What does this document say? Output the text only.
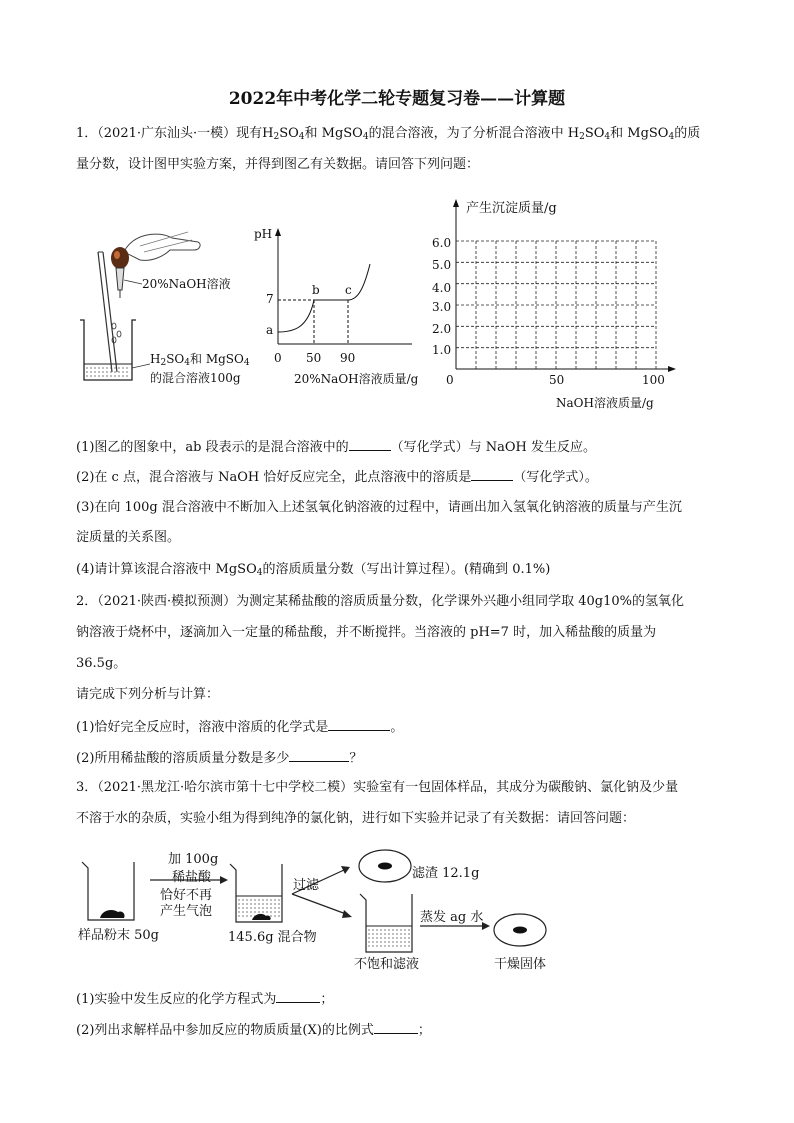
2022年中考化学二轮专题复习卷——计算题
1．（2021·广东汕头·一模）现有$H_2SO_4$和 MgSO$_4$的混合溶液，为了分析混合溶液中 $H_2SO_4$和 MgSO$_4$的质
量分数，设计图甲实验方案，并得到图乙有关数据。请回答下列问题：
20%NaOH溶液
$H_2SO_4$和 MgSO$_4$
的混合溶液100g
pH
7
a
b c
0 50 90
20%NaOH溶液质量/g
产生沉淀质量/g
6.0
5.0
4.0
3.0
2.0
1.0
0	50	100
NaOH溶液质量/g
(1)图乙的图象中，ab 段表示的是混合溶液中的	（写化学式）与 NaOH 发生反应。
(2)在 c 点，混合溶液与 NaOH 恰好反应完全，此点溶液中的溶质是	（写化学式）。
(3)在向 100g 混合溶液中不断加入上述氢氧化钠溶液的过程中，请画出加入氢氧化钠溶液的质量与产生沉
淀质量的关系图。
(4)请计算该混合溶液中 MgSO$_4$的溶质质量分数（写出计算过程）。(精确到 0.1%)
2．（2021·陕西·模拟预测）为测定某稀盐酸的溶质质量分数，化学课外兴趣小组同学取 40g10%的氢氧化
钠溶液于烧杯中，逐滴加入一定量的稀盐酸，并不断搅拌。当溶液的 pH=7 时，加入稀盐酸的质量为
36.5g。
请完成下列分析与计算：
(1)恰好完全反应时，溶液中溶质的化学式是	。
(2)所用稀盐酸的溶质质量分数是多少	？
3．（2021·黑龙江·哈尔滨市第十七中学校二模）实验室有一包固体样品，其成分为碳酸钠、氯化钠及少量
不溶于水的杂质，实验小组为得到纯净的氯化钠，进行如下实验并记录了有关数据：请回答问题：
加 100g
稀盐酸
恰好不再
产生气泡
样品粉末 50g	145.6g 混合物
过滤
滤渣 12.1g
蒸发 ag 水
不饱和滤液	干燥固体
(1)实验中发生反应的化学方程式为	；
(2)列出求解样品中参加反应的物质质量(X)的比例式	；
